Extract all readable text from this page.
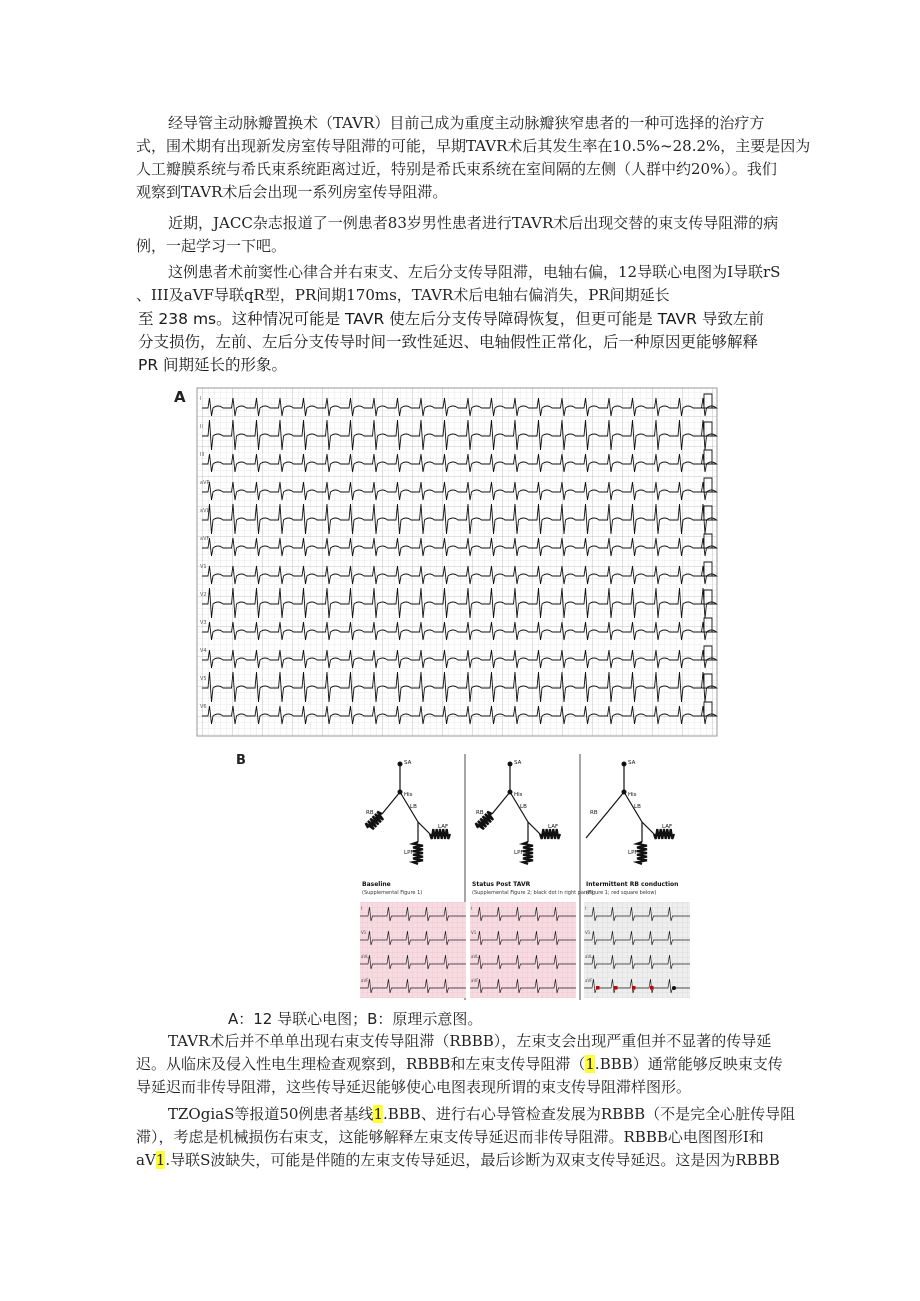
经导管主动脉瓣置换术（TAVR）目前己成为重度主动脉瓣狭窄患者的一种可选择的治疗方
式，围术期有出现新发房室传导阻滞的可能，早期TAVR术后其发生率在10.5%~28.2%，主要是因为
人工瓣膜系统与希氏束系统距离过近，特别是希氏束系统在室间隔的左侧（人群中约20%）。我们
观察到TAVR术后会出现一系列房室传导阻滞。

近期，JACC杂志报道了一例患者83岁男性患者进行TAVR术后出现交替的束支传导阻滞的病
例，一起学习一下吧。

这例患者术前窦性心律合并右束支、左后分支传导阻滞，电轴右偏，12导联心电图为I导联rS
、III及aVF导联qR型，PR间期170ms，TAVR术后电轴右偏消失，PR间期延长

至 238 ms。这种情况可能是 TAVR 使左后分支传导障碍恢复，但更可能是 TAVR 导致左前
分支损伤，左前、左后分支传导时间一致性延迟、电轴假性正常化，后一种原因更能够解释
PR 间期延长的形象。

A	I
II
III
aVR
aVL
aVF
V1
V2
V3
V4
V5
V6
B	SA
His
RB
LB
LAF
LPF
Baseline
(Supplemental Figure 1)
I
V1
aVL
aVF
SA
His
RB
LB
LAF
LPF
Status Post TAVR
(Supplemental Figure 2; black dot in right panel)
I
V1
aVL
aVF
SA
His
RB
LB
LAF
LPF
Intermittent RB conduction
(Figure 1; red square below)
I
V1
aVL
aVF
A：12 导联心电图；B：原理示意图。

TAVR术后并不单单出现右束支传导阻滞（RBBB），左束支会出现严重但并不显著的传导延
迟。从临床及侵入性电生理检查观察到，RBBB和左束支传导阻滞（1.BBB）通常能够反映束支传
导延迟而非传导阻滞，这些传导延迟能够使心电图表现所谓的束支传导阻滞样图形。

TZOgiaS等报道50例患者基线1.BBB、进行右心导管检查发展为RBBB（不是完全心脏传导阻
滞），考虑是机械损伤右束支，这能够解释左束支传导延迟而非传导阻滞。RBBB心电图图形I和
aV1.导联S波缺失，可能是伴随的左束支传导延迟，最后诊断为双束支传导延迟。这是因为RBBB
